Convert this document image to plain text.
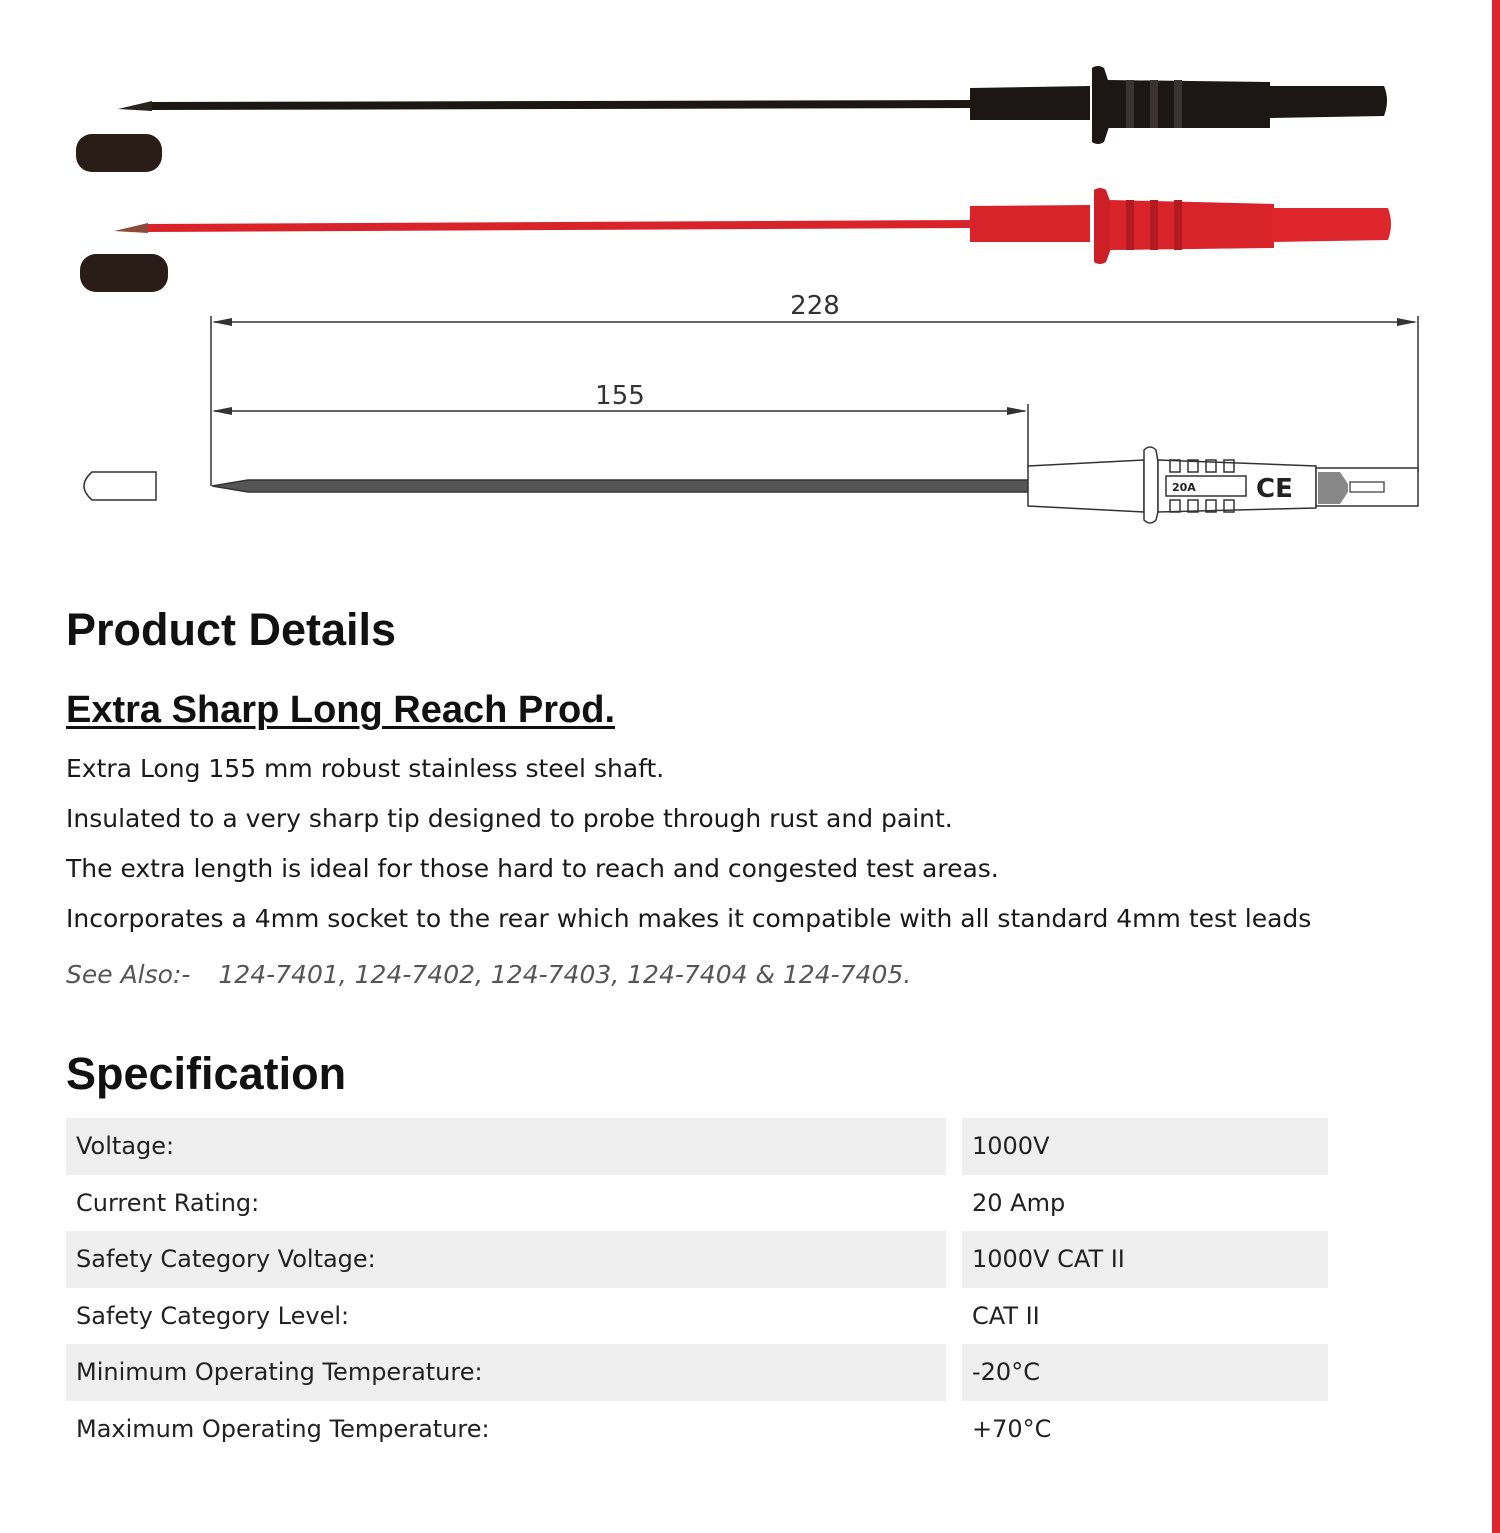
228
155
20A CE
Product Details
Extra Sharp Long Reach Prod.
Extra Long 155 mm robust stainless steel shaft.
Insulated to a very sharp tip designed to probe through rust and paint.
The extra length is ideal for those hard to reach and congested test areas.
Incorporates a 4mm socket to the rear which makes it compatible with all standard 4mm test leads
See Also:- 124-7401, 124-7402, 124-7403, 124-7404 & 124-7405.
Specification
Voltage:	1000V
Current Rating:	20 Amp
Safety Category Voltage:	1000V CAT II
Safety Category Level:	CAT II
Minimum Operating Temperature:	-20°C
Maximum Operating Temperature:	+70°C
